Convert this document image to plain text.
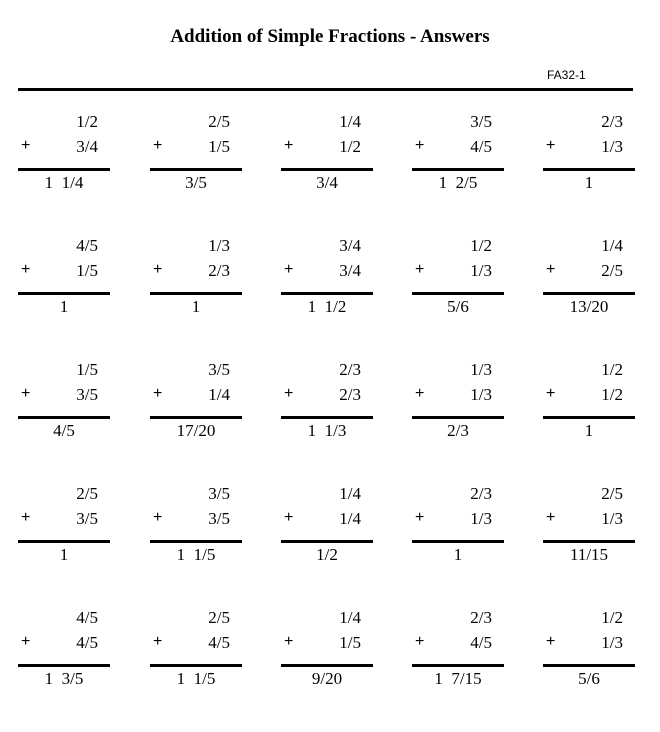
Addition of Simple Fractions - Answers
FA32-1
1/2
+	3/4
1  1/4
2/5
+	1/5
3/5
1/4
+	1/2
3/4
3/5
+	4/5
1  2/5
2/3
+	1/3
1
4/5
+	1/5
1
1/3
+	2/3
1
3/4
+	3/4
1  1/2
1/2
+	1/3
5/6
1/4
+	2/5
13/20
1/5
+	3/5
4/5
3/5
+	1/4
17/20
2/3
+	2/3
1  1/3
1/3
+	1/3
2/3
1/2
+	1/2
1
2/5
+	3/5
1
3/5
+	3/5
1  1/5
1/4
+	1/4
1/2
2/3
+	1/3
1
2/5
+	1/3
11/15
4/5
+	4/5
1  3/5
2/5
+	4/5
1  1/5
1/4
+	1/5
9/20
2/3
+	4/5
1  7/15
1/2
+	1/3
5/6
